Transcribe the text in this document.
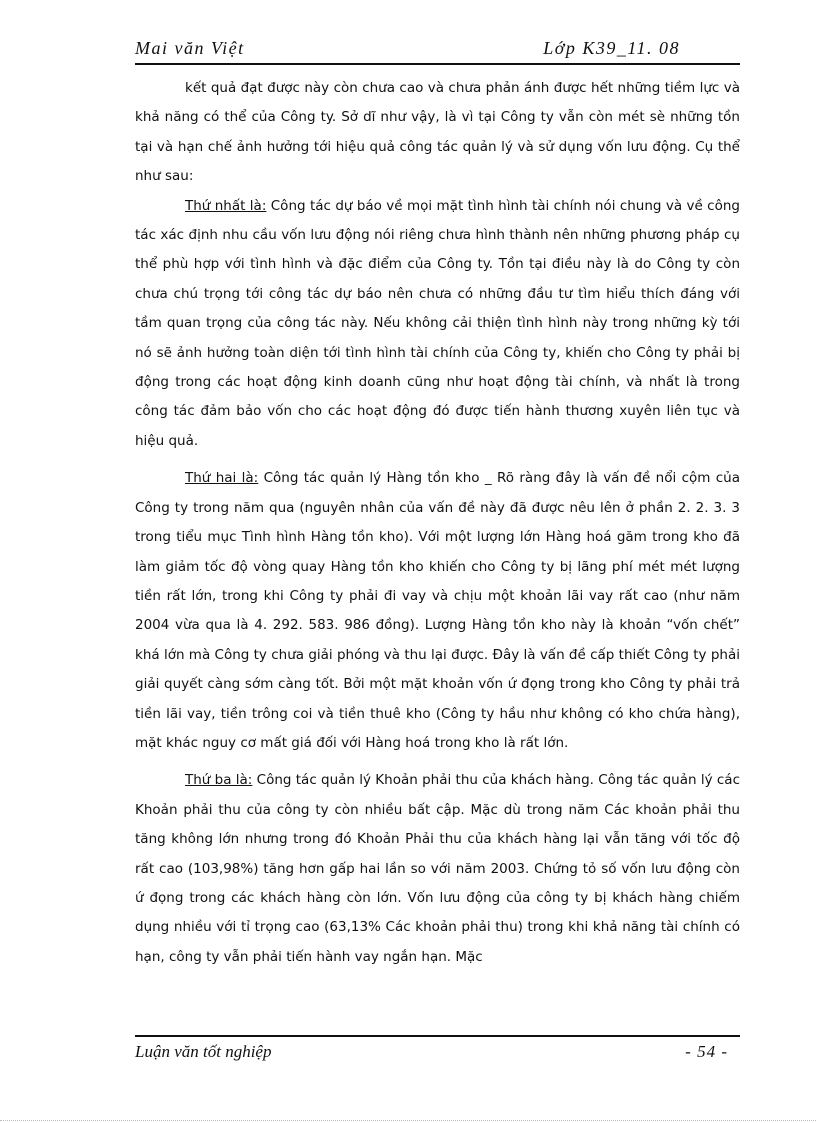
Mai văn Việt	Lớp K39_11. 08

kết quả đạt được này còn chưa cao và chưa phản ánh được hết những tiềm lực và khả năng có thể của Công ty. Sở dĩ như vậy, là vì tại Công ty vẫn còn mét sè những tồn tại và hạn chế ảnh hưởng tới hiệu quả công tác quản lý và sử dụng vốn lưu động. Cụ thể như sau:

Thứ nhất là: Công tác dự báo về mọi mặt tình hình tài chính nói chung và về công tác xác định nhu cầu vốn lưu động nói riêng chưa hình thành nên những phương pháp cụ thể phù hợp với tình hình và đặc điểm của Công ty. Tồn tại điều này là do Công ty còn chưa chú trọng tới công tác dự báo nên chưa có những đầu tư tìm hiểu thích đáng với tầm quan trọng của công tác này. Nếu không cải thiện tình hình này trong những kỳ tới nó sẽ ảnh hưởng toàn diện tới tình hình tài chính của Công ty, khiến cho Công ty phải bị động trong các hoạt động kinh doanh cũng như hoạt động tài chính, và nhất là trong công tác đảm bảo vốn cho các hoạt động đó được tiến hành thương xuyên liên tục và hiệu quả.

Thứ hai là: Công tác quản lý Hàng tồn kho _ Rõ ràng đây là vấn đề nổi cộm của Công ty trong năm qua (nguyên nhân của vấn đề này đã được nêu lên ở phần 2. 2. 3. 3 trong tiểu mục Tình hình Hàng tồn kho). Với một lượng lớn Hàng hoá găm trong kho đã làm giảm tốc độ vòng quay Hàng tồn kho khiến cho Công ty bị lãng phí mét mét lượng tiền rất lớn, trong khi Công ty phải đi vay và chịu một khoản lãi vay rất cao (như năm 2004 vừa qua là 4. 292. 583. 986 đồng). Lượng Hàng tồn kho này là khoản “vốn chết” khá lớn mà Công ty chưa giải phóng và thu lại được. Đây là vấn đề cấp thiết Công ty phải giải quyết càng sớm càng tốt. Bởi một mặt khoản vốn ứ đọng trong kho Công ty phải trả tiền lãi vay, tiền trông coi và tiền thuê kho (Công ty hầu như không có kho chứa hàng), mặt khác nguy cơ mất giá đối với Hàng hoá trong kho là rất lớn.

Thứ ba là: Công tác quản lý Khoản phải thu của khách hàng. Công tác quản lý các Khoản phải thu của công ty còn nhiều bất cập. Mặc dù trong năm Các khoản phải thu tăng không lớn nhưng trong đó Khoản Phải thu của khách hàng lại vẫn tăng với tốc độ rất cao (103,98%) tăng hơn gấp hai lần so với năm 2003. Chứng tỏ số vốn lưu động còn ứ đọng trong các khách hàng còn lớn. Vốn lưu động của công ty bị khách hàng chiếm dụng nhiều với tỉ trọng cao (63,13% Các khoản phải thu) trong khi khả năng tài chính có hạn, công ty vẫn phải tiến hành vay ngắn hạn. Mặc

Luận văn tốt nghiệp	- 54 -
